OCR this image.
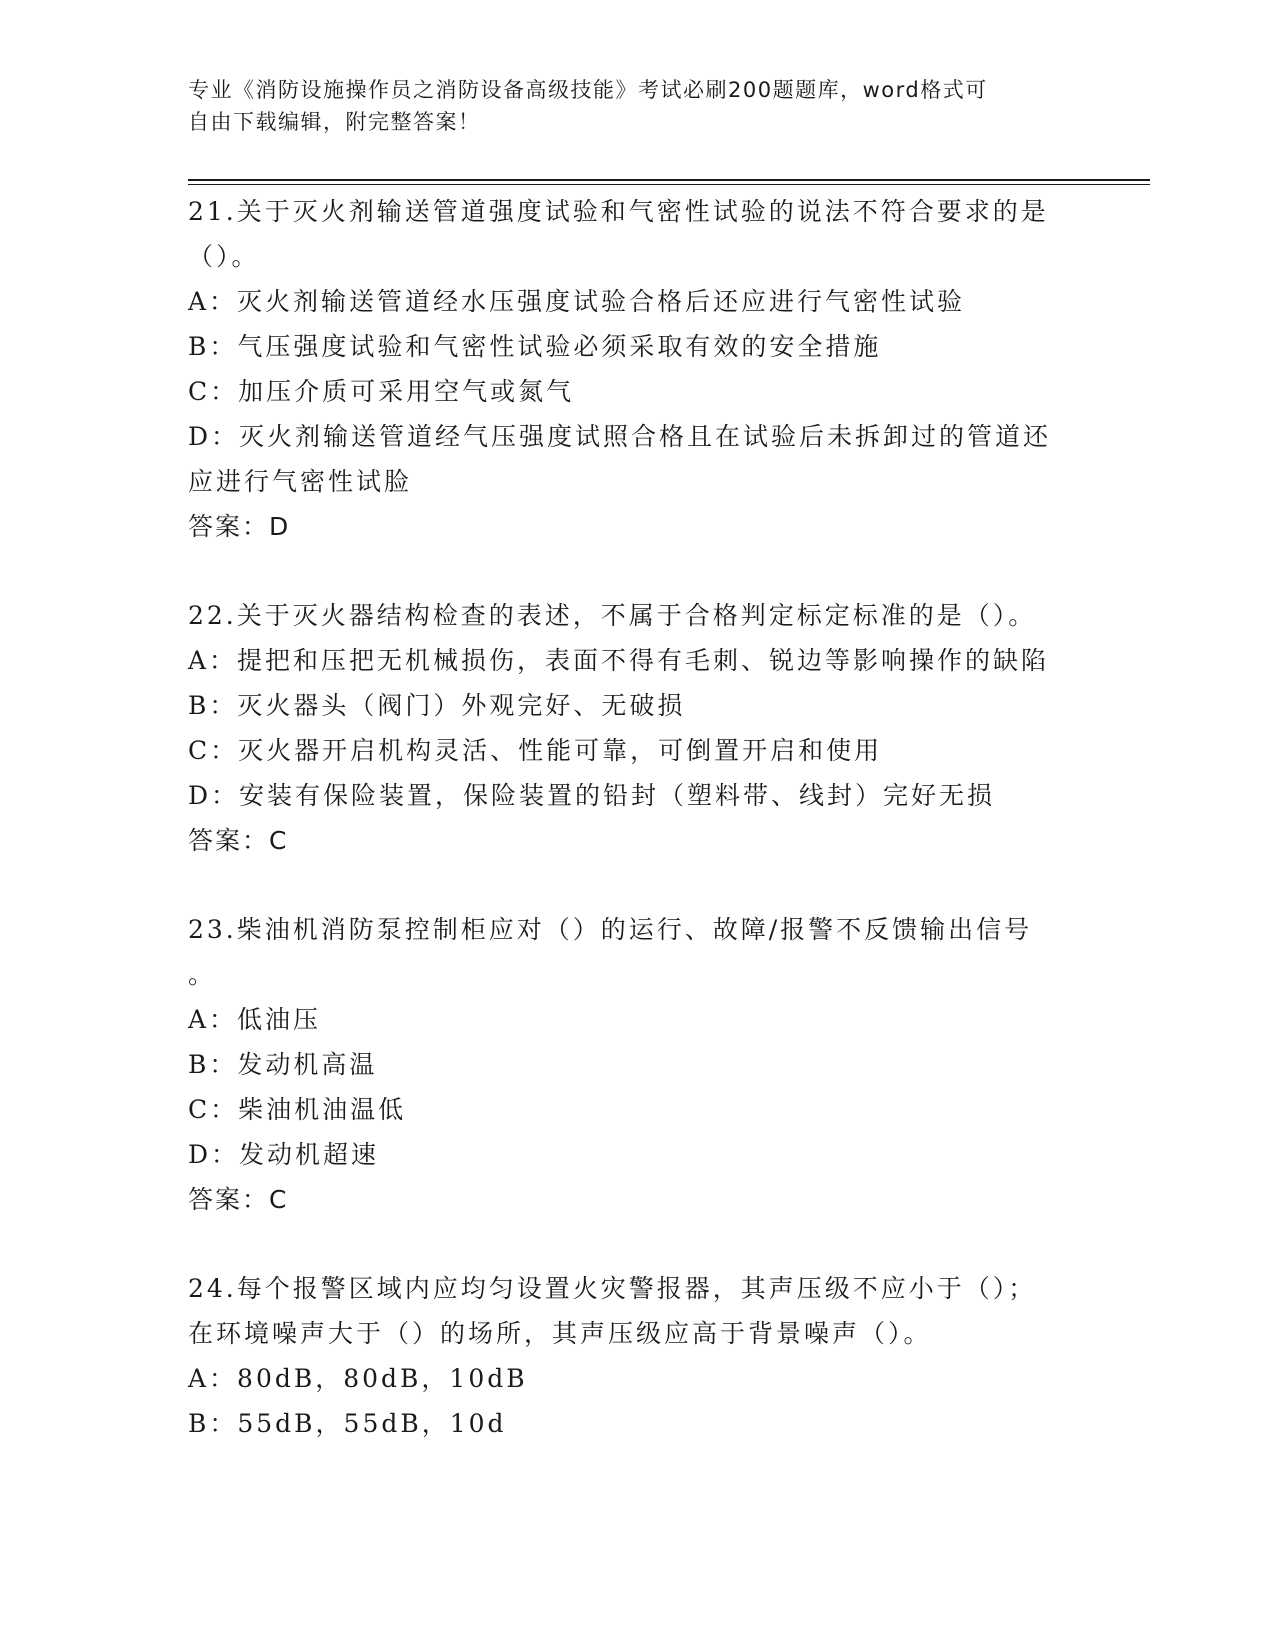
专业《消防设施操作员之消防设备高级技能》考试必刷200题题库，word格式可
自由下载编辑，附完整答案！
21.关于灭火剂输送管道强度试验和气密性试验的说法不符合要求的是
（）。
A：灭火剂输送管道经水压强度试验合格后还应进行气密性试验
B：气压强度试验和气密性试验必须采取有效的安全措施
C：加压介质可采用空气或氮气
D：灭火剂输送管道经气压强度试照合格且在试验后未拆卸过的管道还
应进行气密性试脸
答案：D
22.关于灭火器结构检查的表述，不属于合格判定标定标准的是（）。
A：提把和压把无机械损伤，表面不得有毛刺、锐边等影响操作的缺陷
B：灭火器头（阀门）外观完好、无破损
C：灭火器开启机构灵活、性能可靠，可倒置开启和使用
D：安装有保险装置，保险装置的铅封（塑料带、线封）完好无损
答案：C
23.柴油机消防泵控制柜应对（）的运行、故障/报警不反馈输出信号
。
A：低油压
B：发动机高温
C：柴油机油温低
D：发动机超速
答案：C
24.每个报警区域内应均匀设置火灾警报器，其声压级不应小于（）；
在环境噪声大于（）的场所，其声压级应高于背景噪声（）。
A：80dB，80dB，10dB
B：55dB，55dB，10d
